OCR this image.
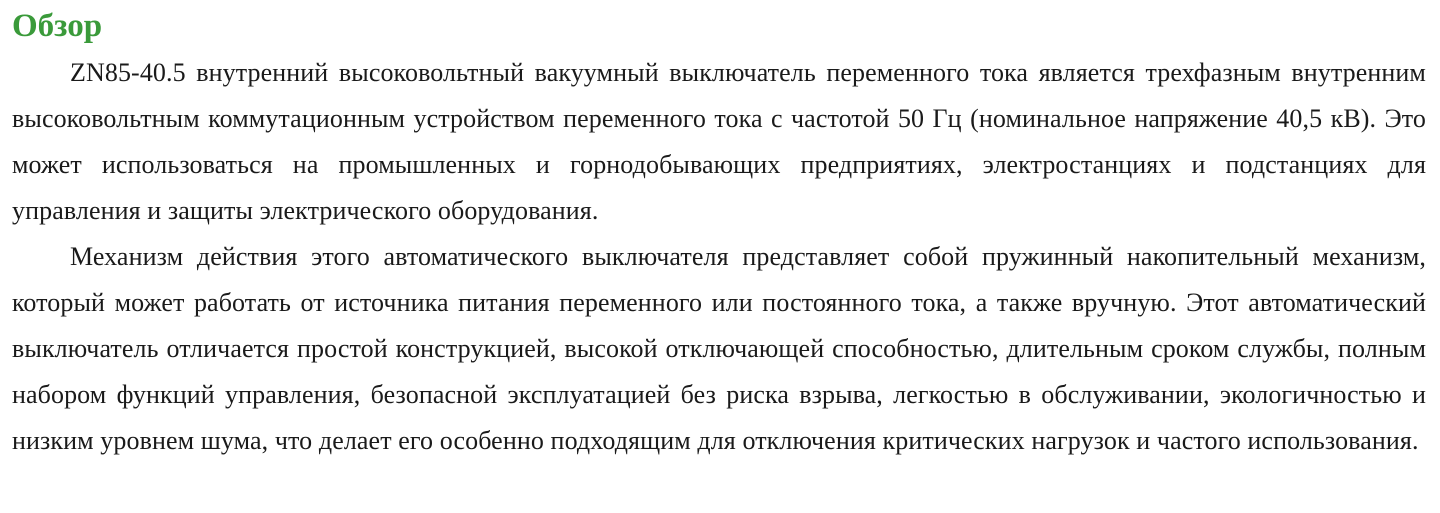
Обзор

ZN85-40.5 внутренний высоковольтный вакуумный выключатель переменного тока является трехфазным внутренним высоковольтным коммутационным устройством переменного тока с частотой 50 Гц (номинальное напряжение 40,5 кВ). Это может использоваться на промышленных и горнодобывающих предприятиях, электростанциях и подстанциях для управления и защиты электрического оборудования.

Механизм действия этого автоматического выключателя представляет собой пружинный накопительный механизм, который может работать от источника питания переменного или постоянного тока, а также вручную. Этот автоматический выключатель отличается простой конструкцией, высокой отключающей способностью, длительным сроком службы, полным набором функций управления, безопасной эксплуатацией без риска взрыва, легкостью в обслуживании, экологичностью и низким уровнем шума, что делает его особенно подходящим для отключения критических нагрузок и частого использования.
